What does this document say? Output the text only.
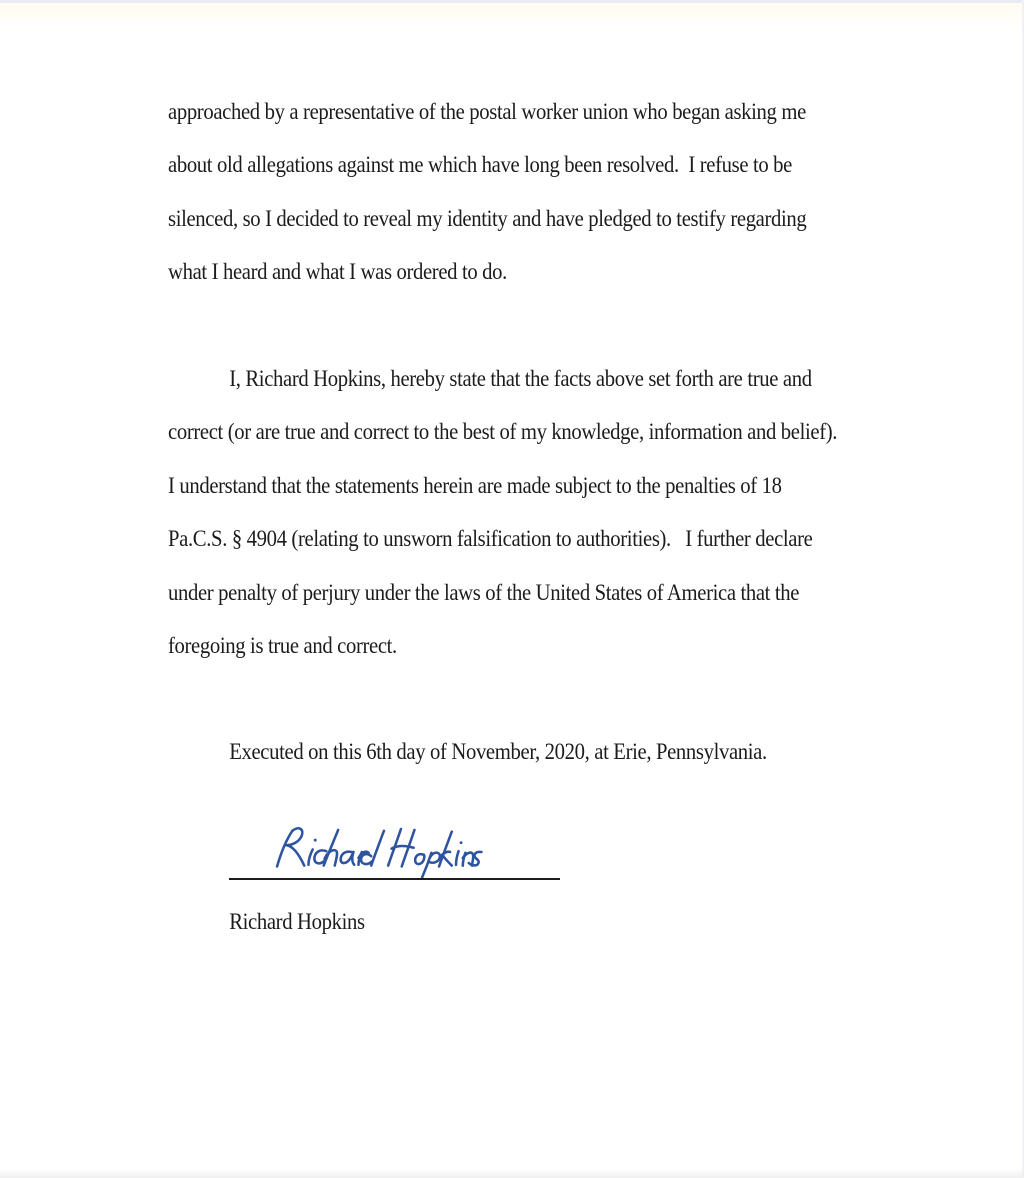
approached by a representative of the postal worker union who began asking me
about old allegations against me which have long been resolved.  I refuse to be
silenced, so I decided to reveal my identity and have pledged to testify regarding
what I heard and what I was ordered to do.
I, Richard Hopkins, hereby state that the facts above set forth are true and
correct (or are true and correct to the best of my knowledge, information and belief).
I understand that the statements herein are made subject to the penalties of 18
Pa.C.S. § 4904 (relating to unsworn falsification to authorities).   I further declare
under penalty of perjury under the laws of the United States of America that the
foregoing is true and correct.
Executed on this 6th day of November, 2020, at Erie, Pennsylvania.
Richard Hopkins
